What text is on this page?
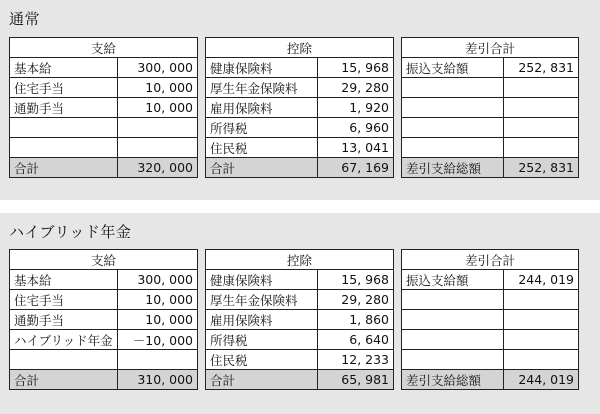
通常
支給	
基本給	300, 000
住宅手当	10, 000
通勤手当	10, 000

合計	320, 000
控除	
健康保険料	15, 968
厚生年金保険料	29, 280
雇用保険料	1, 920
所得税	6, 960
住民税	13, 041
合計	67, 169
差引合計	
振込支給額	252, 831

差引支給総額	252, 831
ハイブリッド年金
支給	
基本給	300, 000
住宅手当	10, 000
通勤手当	10, 000
ハイブリッド年金	－10, 000

合計	310, 000
控除	
健康保険料	15, 968
厚生年金保険料	29, 280
雇用保険料	1, 860
所得税	6, 640
住民税	12, 233
合計	65, 981
差引合計	
振込支給額	244, 019

差引支給総額	244, 019
